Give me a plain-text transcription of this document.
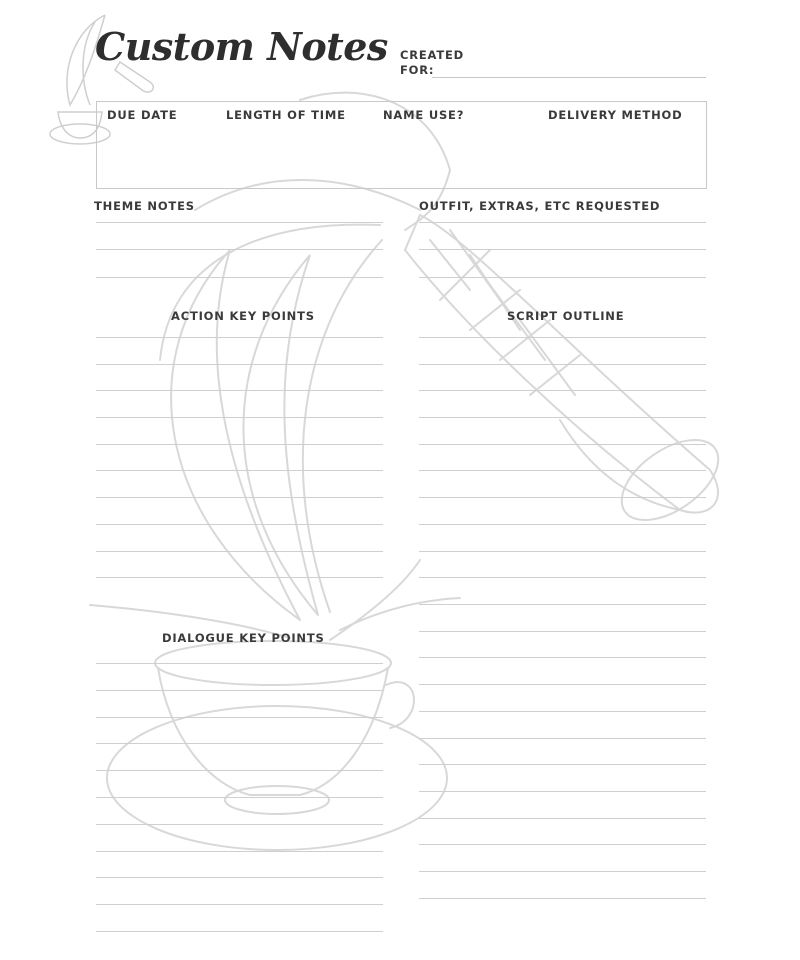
Custom Notes CREATED FOR:
DUE DATE	LENGTH OF TIME	NAME USE?	DELIVERY METHOD
THEME NOTES	OUTFIT, EXTRAS, ETC REQUESTED
ACTION KEY POINTS	SCRIPT OUTLINE
DIALOGUE KEY POINTS
